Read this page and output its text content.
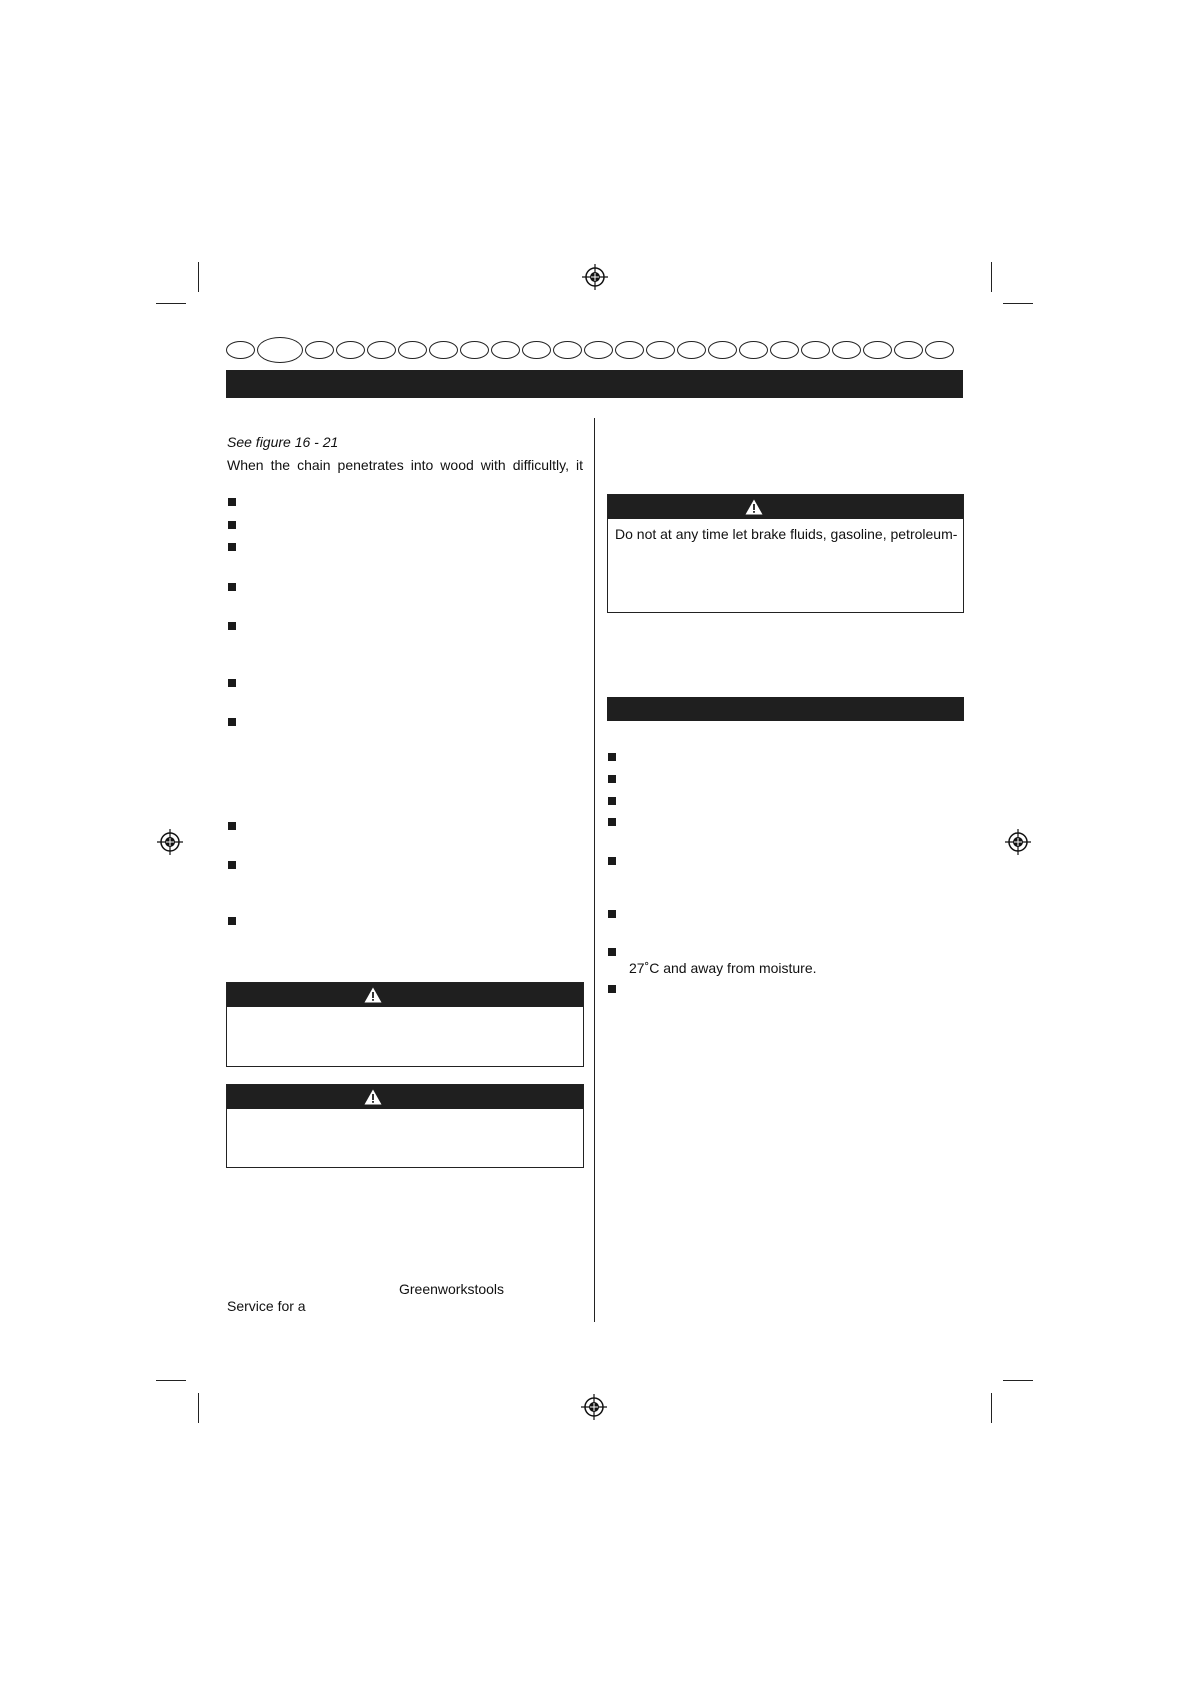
See figure 16 - 21
When the chain penetrates into wood with difficultly, it
Greenworkstools
Service for a
Do not at any time let brake fluids, gasoline, petroleum-
27˚C and away from moisture.
